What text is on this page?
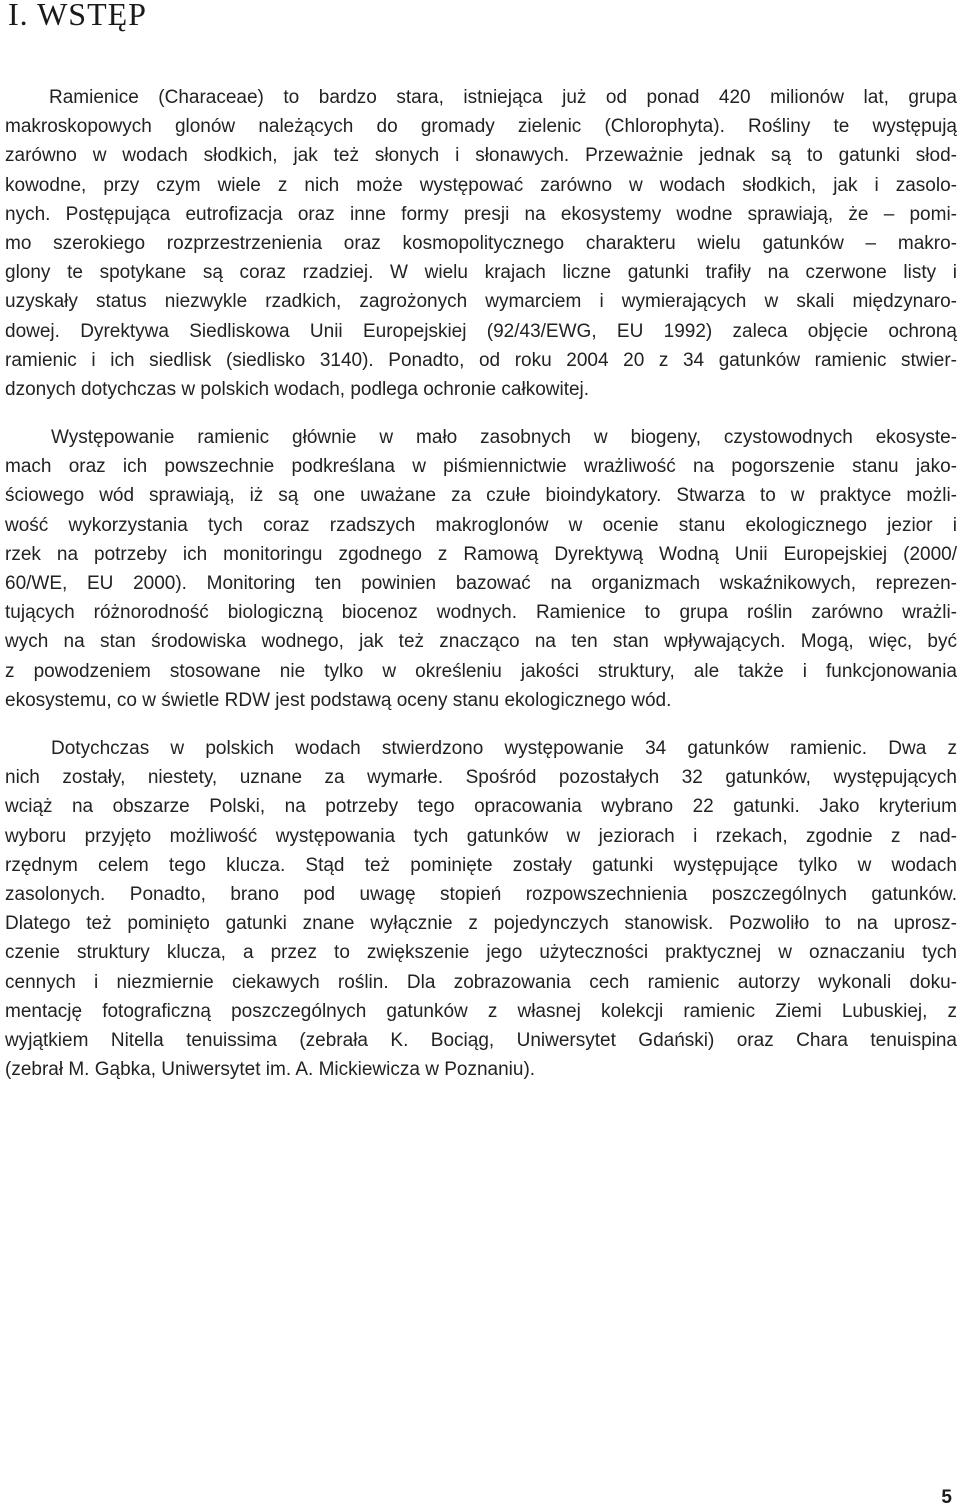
I. WSTĘP
Ramienice (Characeae) to bardzo stara, istniejąca już od ponad 420 milionów lat, grupa
makroskopowych glonów należących do gromady zielenic (Chlorophyta). Rośliny te występują
zarówno w wodach słodkich, jak też słonych i słonawych. Przeważnie jednak są to gatunki słod-
kowodne, przy czym wiele z nich może występować zarówno w wodach słodkich, jak i zasolo-
nych. Postępująca eutrofizacja oraz inne formy presji na ekosystemy wodne sprawiają, że – pomi-
mo szerokiego rozprzestrzenienia oraz kosmopolitycznego charakteru wielu gatunków – makro-
glony te spotykane są coraz rzadziej. W wielu krajach liczne gatunki trafiły na czerwone listy i
uzyskały status niezwykle rzadkich, zagrożonych wymarciem i wymierających w skali międzynaro-
dowej. Dyrektywa Siedliskowa Unii Europejskiej (92/43/EWG, EU 1992) zaleca objęcie ochroną
ramienic i ich siedlisk (siedlisko 3140). Ponadto, od roku 2004 20 z 34 gatunków ramienic stwier-
dzonych dotychczas w polskich wodach, podlega ochronie całkowitej.
Występowanie ramienic głównie w mało zasobnych w biogeny, czystowodnych ekosyste-
mach oraz ich powszechnie podkreślana w piśmiennictwie wrażliwość na pogorszenie stanu jako-
ściowego wód sprawiają, iż są one uważane za czułe bioindykatory. Stwarza to w praktyce możli-
wość wykorzystania tych coraz rzadszych makroglonów w ocenie stanu ekologicznego jezior i
rzek na potrzeby ich monitoringu zgodnego z Ramową Dyrektywą Wodną Unii Europejskiej (2000/
60/WE, EU 2000). Monitoring ten powinien bazować na organizmach wskaźnikowych, reprezen-
tujących różnorodność biologiczną biocenoz wodnych. Ramienice to grupa roślin zarówno wrażli-
wych na stan środowiska wodnego, jak też znacząco na ten stan wpływających. Mogą, więc, być
z powodzeniem stosowane nie tylko w określeniu jakości struktury, ale także i funkcjonowania
ekosystemu, co w świetle RDW jest podstawą oceny stanu ekologicznego wód.
Dotychczas w polskich wodach stwierdzono występowanie 34 gatunków ramienic. Dwa z
nich zostały, niestety, uznane za wymarłe. Spośród pozostałych 32 gatunków, występujących
wciąż na obszarze Polski, na potrzeby tego opracowania wybrano 22 gatunki. Jako kryterium
wyboru przyjęto możliwość występowania tych gatunków w jeziorach i rzekach, zgodnie z nad-
rzędnym celem tego klucza. Stąd też pominięte zostały gatunki występujące tylko w wodach
zasolonych. Ponadto, brano pod uwagę stopień rozpowszechnienia poszczególnych gatunków.
Dlatego też pominięto gatunki znane wyłącznie z pojedynczych stanowisk. Pozwoliło to na uprosz-
czenie struktury klucza, a przez to zwiększenie jego użyteczności praktycznej w oznaczaniu tych
cennych i niezmiernie ciekawych roślin. Dla zobrazowania cech ramienic autorzy wykonali doku-
mentację fotograficzną poszczególnych gatunków z własnej kolekcji ramienic Ziemi Lubuskiej, z
wyjątkiem Nitella tenuissima (zebrała K. Bociąg, Uniwersytet Gdański) oraz Chara tenuispina
(zebrał M. Gąbka, Uniwersytet im. A. Mickiewicza w Poznaniu).
5
